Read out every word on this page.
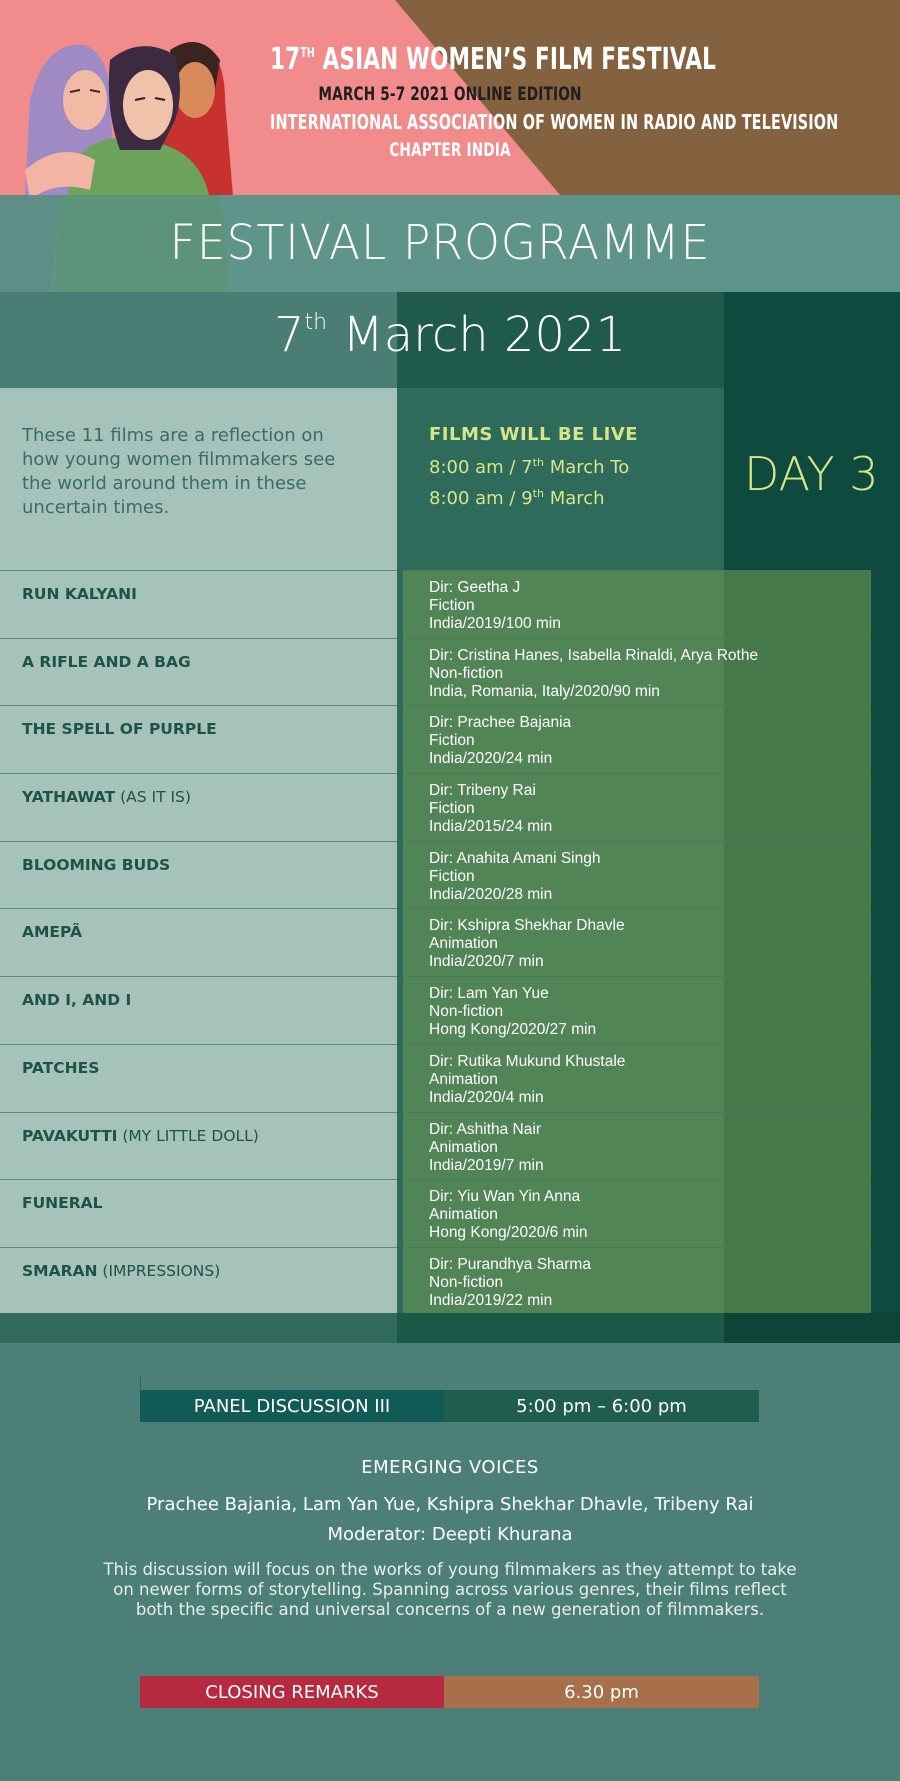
17TH ASIAN WOMEN’S FILM FESTIVAL
MARCH 5-7 2021 ONLINE EDITION
INTERNATIONAL ASSOCIATION OF WOMEN IN RADIO AND TELEVISION
CHAPTER INDIA
FESTIVAL PROGRAMME
7th March 2021
These 11 films are a reflection on how young women filmmakers see the world around them in these uncertain times.
FILMS WILL BE LIVE
8:00 am / 7th March To
8:00 am / 9th March	DAY 3
RUN KALYANI	Dir: Geetha J
Fiction
India/2019/100 min
A RIFLE AND A BAG	Dir: Cristina Hanes, Isabella Rinaldi, Arya Rothe
Non-fiction
India, Romania, Italy/2020/90 min
THE SPELL OF PURPLE	Dir: Prachee Bajania
Fiction
India/2020/24 min
YATHAWAT (AS IT IS)	Dir: Tribeny Rai
Fiction
India/2015/24 min
BLOOMING BUDS	Dir: Anahita Amani Singh
Fiction
India/2020/28 min
AMEPÃ	Dir: Kshipra Shekhar Dhavle
Animation
India/2020/7 min
AND I, AND I	Dir: Lam Yan Yue
Non-fiction
Hong Kong/2020/27 min
PATCHES	Dir: Rutika Mukund Khustale
Animation
India/2020/4 min
PAVAKUTTI (MY LITTLE DOLL)	Dir: Ashitha Nair
Animation
India/2019/7 min
FUNERAL	Dir: Yiu Wan Yin Anna
Animation
Hong Kong/2020/6 min
SMARAN (IMPRESSIONS)	Dir: Purandhya Sharma
Non-fiction
India/2019/22 min
PANEL DISCUSSION III	5:00 pm – 6:00 pm
EMERGING VOICES
Prachee Bajania, Lam Yan Yue, Kshipra Shekhar Dhavle, Tribeny Rai
Moderator: Deepti Khurana
This discussion will focus on the works of young filmmakers as they attempt to take on newer forms of storytelling. Spanning across various genres, their films reflect both the specific and universal concerns of a new generation of filmmakers.
CLOSING REMARKS	6.30 pm
